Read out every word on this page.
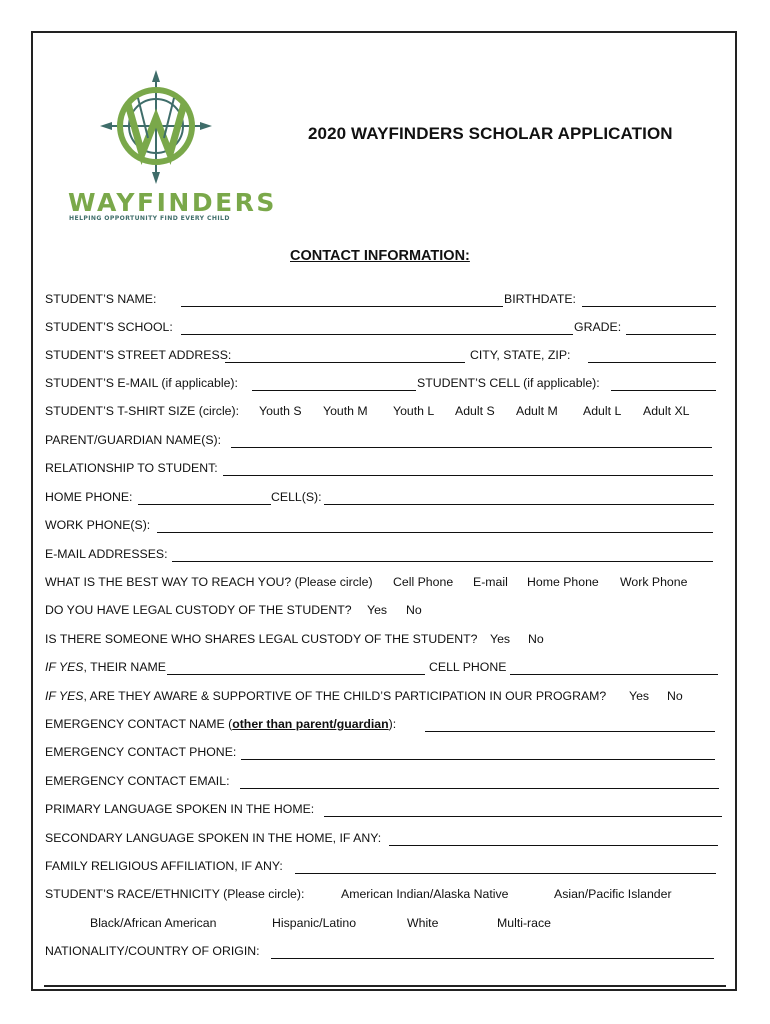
WAYFINDERS
HELPING OPPORTUNITY FIND EVERY CHILD
2020 WAYFINDERS SCHOLAR APPLICATION
CONTACT INFORMATION:
STUDENT’S NAME:	BIRTHDATE:
STUDENT’S SCHOOL:	GRADE:
STUDENT’S STREET ADDRESS:	CITY, STATE, ZIP:
STUDENT’S E-MAIL (if applicable):	STUDENT’S CELL (if applicable):
STUDENT’S T-SHIRT SIZE (circle): Youth S Youth M Youth L Adult S Adult M Adult L Adult XL
PARENT/GUARDIAN NAME(S):
RELATIONSHIP TO STUDENT:
HOME PHONE:	CELL(S):
WORK PHONE(S):
E-MAIL ADDRESSES:
WHAT IS THE BEST WAY TO REACH YOU? (Please circle) Cell Phone E-mail Home Phone Work Phone
DO YOU HAVE LEGAL CUSTODY OF THE STUDENT? Yes No
IS THERE SOMEONE WHO SHARES LEGAL CUSTODY OF THE STUDENT? Yes No
IF YES, THEIR NAME	CELL PHONE
IF YES, ARE THEY AWARE & SUPPORTIVE OF THE CHILD’S PARTICIPATION IN OUR PROGRAM? Yes No
EMERGENCY CONTACT NAME (other than parent/guardian):
EMERGENCY CONTACT PHONE:
EMERGENCY CONTACT EMAIL:
PRIMARY LANGUAGE SPOKEN IN THE HOME:
SECONDARY LANGUAGE SPOKEN IN THE HOME, IF ANY:
FAMILY RELIGIOUS AFFILIATION, IF ANY:
STUDENT’S RACE/ETHNICITY (Please circle):	American Indian/Alaska Native	Asian/Pacific Islander
Black/African American	Hispanic/Latino	White	Multi-race
NATIONALITY/COUNTRY OF ORIGIN:
